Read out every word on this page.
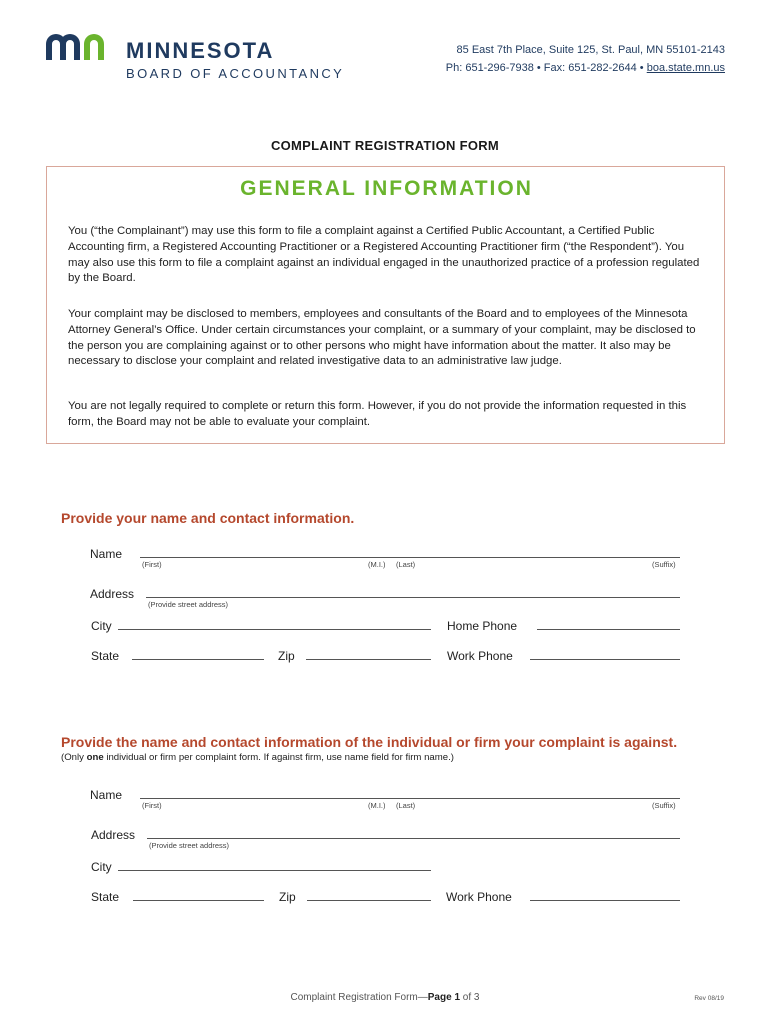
MINNESOTA
BOARD OF ACCOUNTANCY
85 East 7th Place, Suite 125, St. Paul, MN 55101-2143
Ph: 651-296-7938 • Fax: 651-282-2644 • boa.state.mn.us
COMPLAINT REGISTRATION FORM
GENERAL INFORMATION
You (“the Complainant”) may use this form to file a complaint against a Certified Public Accountant, a Certified Public Accounting firm, a Registered Accounting Practitioner or a Registered Accounting Practitioner firm (“the Respondent”). You may also use this form to file a complaint against an individual engaged in the unauthorized practice of a profession regulated by the Board.
Your complaint may be disclosed to members, employees and consultants of the Board and to employees of the Minnesota Attorney General’s Office. Under certain circumstances your complaint, or a summary of your complaint, may be disclosed to the person you are complaining against or to other persons who might have information about the matter. It also may be necessary to disclose your complaint and related investigative data to an administrative law judge.
You are not legally required to complete or return this form. However, if you do not provide the information requested in this form, the Board may not be able to evaluate your complaint.
Provide your name and contact information.
Name
(First)	(M.I.) (Last)	(Suffix)
Address
(Provide street address)
City	Home Phone
State	Zip	Work Phone
Provide the name and contact information of the individual or firm your complaint is against.
(Only one individual or firm per complaint form. If against firm, use name field for firm name.)
Name
(First)	(M.I.) (Last)	(Suffix)
Address
(Provide street address)
City
State	Zip	Work Phone
Complaint Registration Form—Page 1 of 3	Rev 08/19
